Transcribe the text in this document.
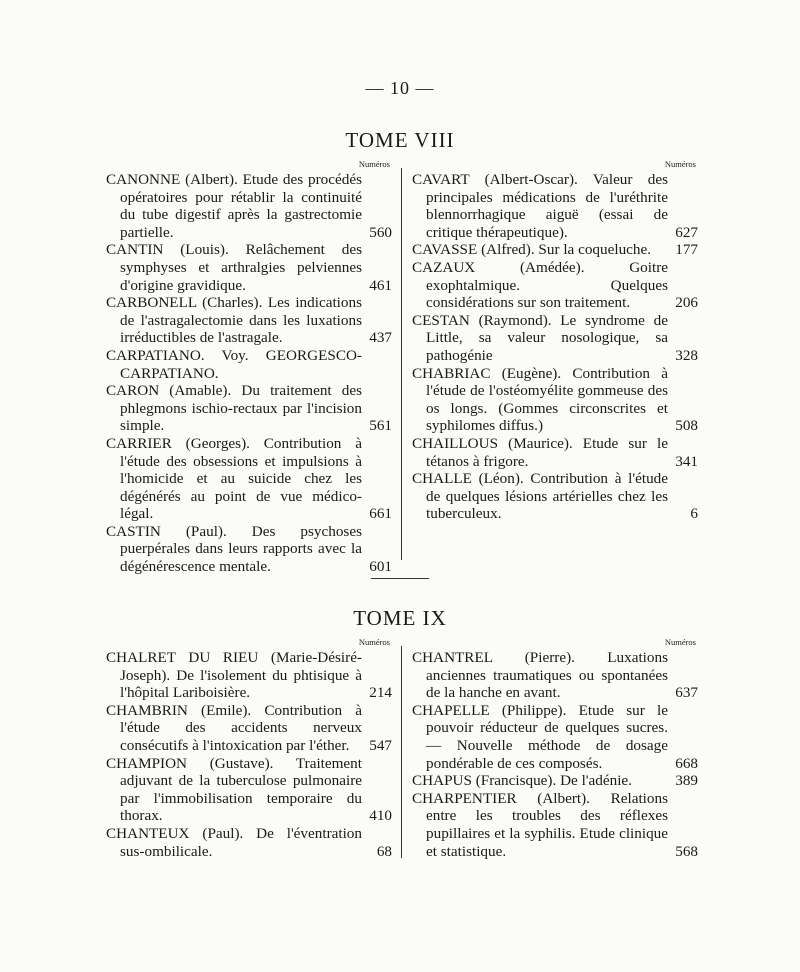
— 10 —
TOME VIII
Numéros
CANONNE (Albert). Etude des procédés opératoires pour rétablir la continuité du tube digestif après la gastrectomie partielle.	560
CANTIN (Louis). Relâchement des symphyses et arthralgies pelviennes d'origine gravidique.	461
CARBONELL (Charles). Les indications de l'astragalectomie dans les luxations irréductibles de l'astragale.	437
CARPATIANO. Voy. GEORGESCO-CARPATIANO.
CARON (Amable). Du traitement des phlegmons ischio-rectaux par l'incision simple.	561
CARRIER (Georges). Contribution à l'étude des obsessions et impulsions à l'homicide et au suicide chez les dégénérés au point de vue médico-légal.	661
CASTIN (Paul). Des psychoses puerpérales dans leurs rapports avec la dégénérescence mentale.	601
Numéros
CAVART (Albert-Oscar). Valeur des principales médications de l'uréthrite blennorrhagique aiguë (essai de critique thérapeutique).	627
CAVASSE (Alfred). Sur la coqueluche. 177
CAZAUX (Amédée). Goitre exophtalmique. Quelques considérations sur son traitement.	206
CESTAN (Raymond). Le syndrome de Little, sa valeur nosologique, sa pathogénie	328
CHABRIAC (Eugène). Contribution à l'étude de l'ostéomyélite gommeuse des os longs. (Gommes circonscrites et syphilomes diffus.)	508
CHAILLOUS (Maurice). Etude sur le tétanos à frigore.	341
CHALLE (Léon). Contribution à l'étude de quelques lésions artérielles chez les tuberculeux.	6
TOME IX
Numéros
CHALRET DU RIEU (Marie-Désiré-Joseph). De l'isolement du phtisique à l'hôpital Lariboisière.	214
CHAMBRIN (Emile). Contribution à l'étude des accidents nerveux consécutifs à l'intoxication par l'éther. 547
CHAMPION (Gustave). Traitement adjuvant de la tuberculose pulmonaire par l'immobilisation temporaire du thorax.	410
CHANTEUX (Paul). De l'éventration sus-ombilicale.	68
Numéros
CHANTREL (Pierre). Luxations anciennes traumatiques ou spontanées de la hanche en avant.	637
CHAPELLE (Philippe). Etude sur le pouvoir réducteur de quelques sucres. — Nouvelle méthode de dosage pondérable de ces composés.	668
CHAPUS (Francisque). De l'adénie.	389
CHARPENTIER (Albert). Relations entre les troubles des réflexes pupillaires et la syphilis. Etude clinique et statistique.	568
